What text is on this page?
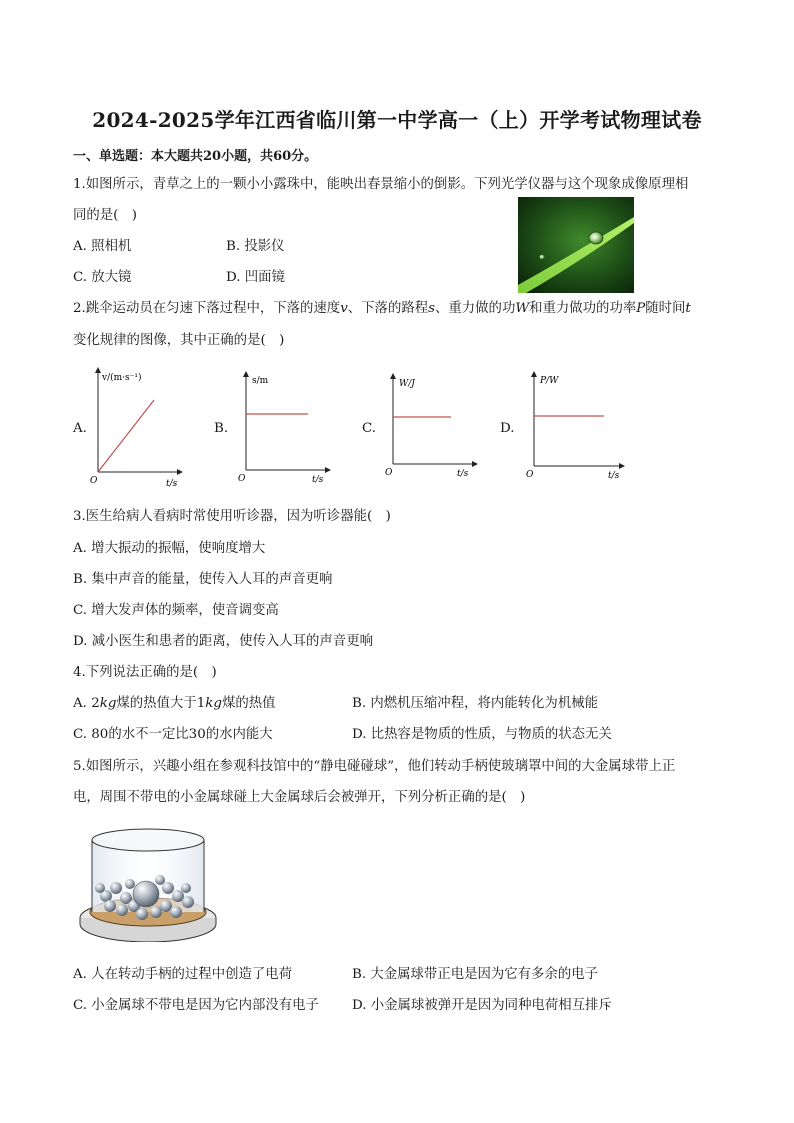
2024-2025学年江西省临川第一中学高一（上）开学考试物理试卷
一、单选题：本大题共20小题，共60分。
1.如图所示，青草之上的一颗小小露珠中，能映出春景缩小的倒影。下列光学仪器与这个现象成像原理相
同的是(　)
A. 照相机	B. 投影仪
C. 放大镜	D. 凹面镜
2.跳伞运动员在匀速下落过程中，下落的速度v、下落的路程s、重力做的功W和重力做功的功率P随时间t
变化规律的图像，其中正确的是(　)
A.	B.	C.	D.
v/(m·s⁻¹)
O	t/s
s/m
O	t/s
W/J
O	t/s
P/W
O	t/s
3.医生给病人看病时常使用听诊器，因为听诊器能(　)
A. 增大振动的振幅，使响度增大
B. 集中声音的能量，使传入人耳的声音更响
C. 增大发声体的频率，使音调变高
D. 减小医生和患者的距离，使传入人耳的声音更响
4.下列说法正确的是(　)
A. 2kg煤的热值大于1kg煤的热值	B. 内燃机压缩冲程，将内能转化为机械能
C. 80的水不一定比30的水内能大	D. 比热容是物质的性质，与物质的状态无关
5.如图所示，兴趣小组在参观科技馆中的“静电碰碰球”，他们转动手柄使玻璃罩中间的大金属球带上正
电，周围不带电的小金属球碰上大金属球后会被弹开，下列分析正确的是(　)
A. 人在转动手柄的过程中创造了电荷	B. 大金属球带正电是因为它有多余的电子
C. 小金属球不带电是因为它内部没有电子 D. 小金属球被弹开是因为同种电荷相互排斥
